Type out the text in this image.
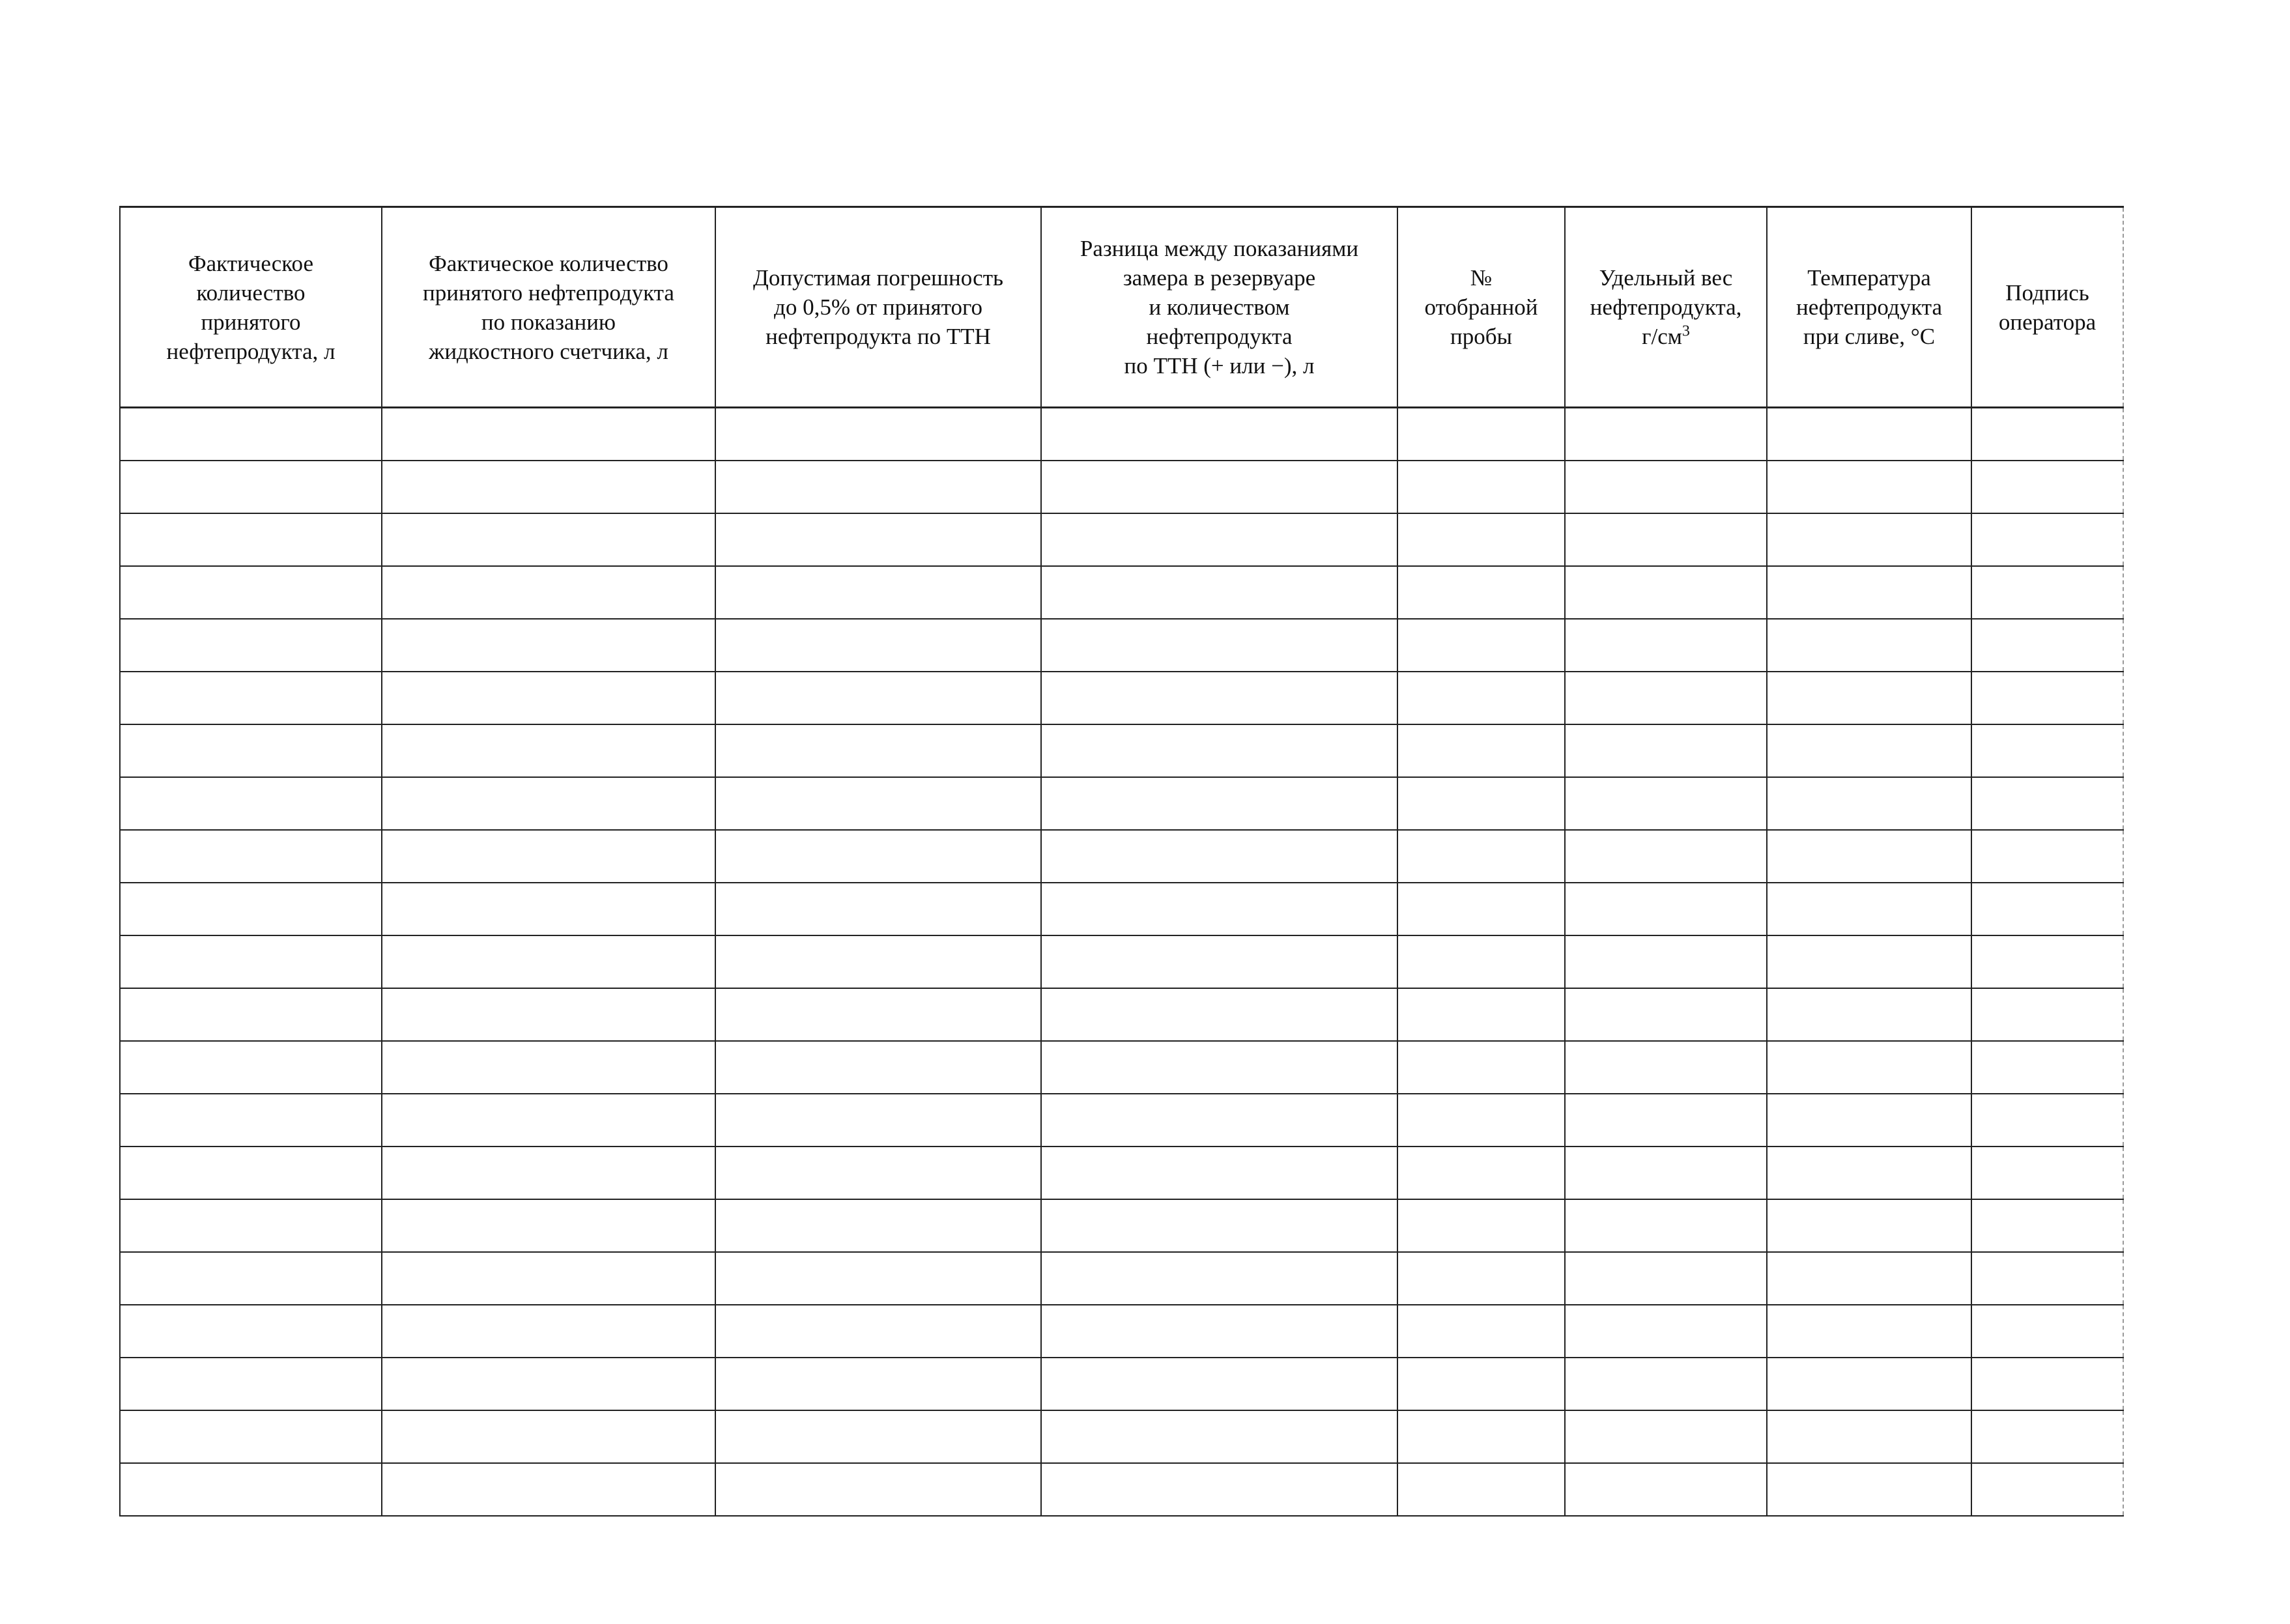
Фактическое
количество
принятого
нефтепродукта, л	Фактическое количество
принятого нефтепродукта
по показанию
жидкостного счетчика, л	Допустимая погрешность
до 0,5% от принятого
нефтепродукта по ТТН	Разница между показаниями
замера в резервуаре
и количеством
нефтепродукта
по ТТН (+ или −), л	№
отобранной
пробы	Удельный вес
нефтепродукта,
$г/см^3$	Температура
нефтепродукта
при сливе, °С	Подпись
оператора
